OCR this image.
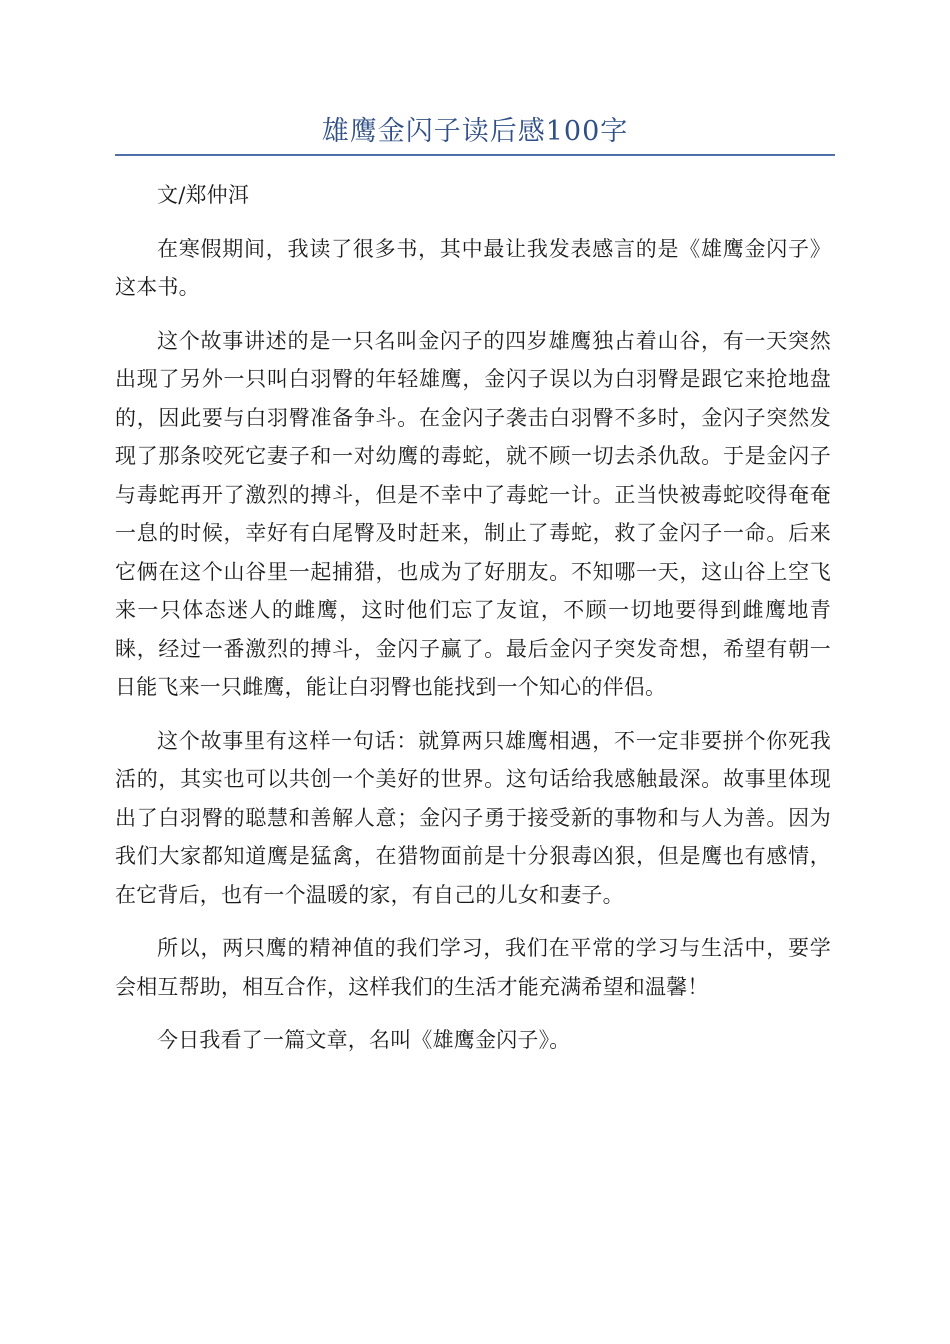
雄鹰金闪子读后感100字

文/郑仲洱

在寒假期间，我读了很多书，其中最让我发表感言的是《雄鹰金闪子》这本书。

这个故事讲述的是一只名叫金闪子的四岁雄鹰独占着山谷，有一天突然出现了另外一只叫白羽臀的年轻雄鹰，金闪子误以为白羽臀是跟它来抢地盘的，因此要与白羽臀准备争斗。在金闪子袭击白羽臀不多时，金闪子突然发现了那条咬死它妻子和一对幼鹰的毒蛇，就不顾一切去杀仇敌。于是金闪子与毒蛇再开了激烈的搏斗，但是不幸中了毒蛇一计。正当快被毒蛇咬得奄奄一息的时候，幸好有白尾臀及时赶来，制止了毒蛇，救了金闪子一命。后来它俩在这个山谷里一起捕猎，也成为了好朋友。不知哪一天，这山谷上空飞来一只体态迷人的雌鹰，这时他们忘了友谊，不顾一切地要得到雌鹰地青睐，经过一番激烈的搏斗，金闪子赢了。最后金闪子突发奇想，希望有朝一日能飞来一只雌鹰，能让白羽臀也能找到一个知心的伴侣。

这个故事里有这样一句话：就算两只雄鹰相遇，不一定非要拼个你死我活的，其实也可以共创一个美好的世界。这句话给我感触最深。故事里体现出了白羽臀的聪慧和善解人意；金闪子勇于接受新的事物和与人为善。因为我们大家都知道鹰是猛禽，在猎物面前是十分狠毒凶狠，但是鹰也有感情，在它背后，也有一个温暖的家，有自己的儿女和妻子。

所以，两只鹰的精神值的我们学习，我们在平常的学习与生活中，要学会相互帮助，相互合作，这样我们的生活才能充满希望和温馨！

今日我看了一篇文章，名叫《雄鹰金闪子》。
